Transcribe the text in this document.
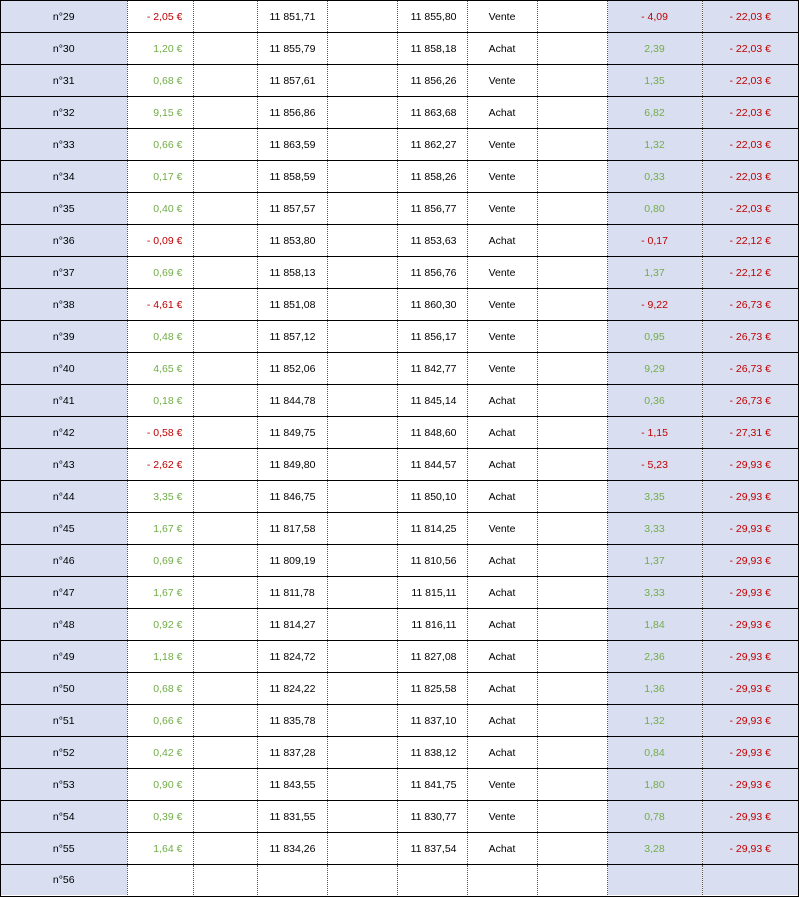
n°29	- 2,05 €		11 851,71		11 855,80	Vente		- 4,09	- 22,03 €
n°30	1,20 €		11 855,79		11 858,18	Achat		2,39	- 22,03 €
n°31	0,68 €		11 857,61		11 856,26	Vente		1,35	- 22,03 €
n°32	9,15 €		11 856,86		11 863,68	Achat		6,82	- 22,03 €
n°33	0,66 €		11 863,59		11 862,27	Vente		1,32	- 22,03 €
n°34	0,17 €		11 858,59		11 858,26	Vente		0,33	- 22,03 €
n°35	0,40 €		11 857,57		11 856,77	Vente		0,80	- 22,03 €
n°36	- 0,09 €		11 853,80		11 853,63	Achat		- 0,17	- 22,12 €
n°37	0,69 €		11 858,13		11 856,76	Vente		1,37	- 22,12 €
n°38	- 4,61 €		11 851,08		11 860,30	Vente		- 9,22	- 26,73 €
n°39	0,48 €		11 857,12		11 856,17	Vente		0,95	- 26,73 €
n°40	4,65 €		11 852,06		11 842,77	Vente		9,29	- 26,73 €
n°41	0,18 €		11 844,78		11 845,14	Achat		0,36	- 26,73 €
n°42	- 0,58 €		11 849,75		11 848,60	Achat		- 1,15	- 27,31 €
n°43	- 2,62 €		11 849,80		11 844,57	Achat		- 5,23	- 29,93 €
n°44	3,35 €		11 846,75		11 850,10	Achat		3,35	- 29,93 €
n°45	1,67 €		11 817,58		11 814,25	Vente		3,33	- 29,93 €
n°46	0,69 €		11 809,19		11 810,56	Achat		1,37	- 29,93 €
n°47	1,67 €		11 811,78		11 815,11	Achat		3,33	- 29,93 €
n°48	0,92 €		11 814,27		11 816,11	Achat		1,84	- 29,93 €
n°49	1,18 €		11 824,72		11 827,08	Achat		2,36	- 29,93 €
n°50	0,68 €		11 824,22		11 825,58	Achat		1,36	- 29,93 €
n°51	0,66 €		11 835,78		11 837,10	Achat		1,32	- 29,93 €
n°52	0,42 €		11 837,28		11 838,12	Achat		0,84	- 29,93 €
n°53	0,90 €		11 843,55		11 841,75	Vente		1,80	- 29,93 €
n°54	0,39 €		11 831,55		11 830,77	Vente		0,78	- 29,93 €
n°55	1,64 €		11 834,26		11 837,54	Achat		3,28	- 29,93 €
n°56									
